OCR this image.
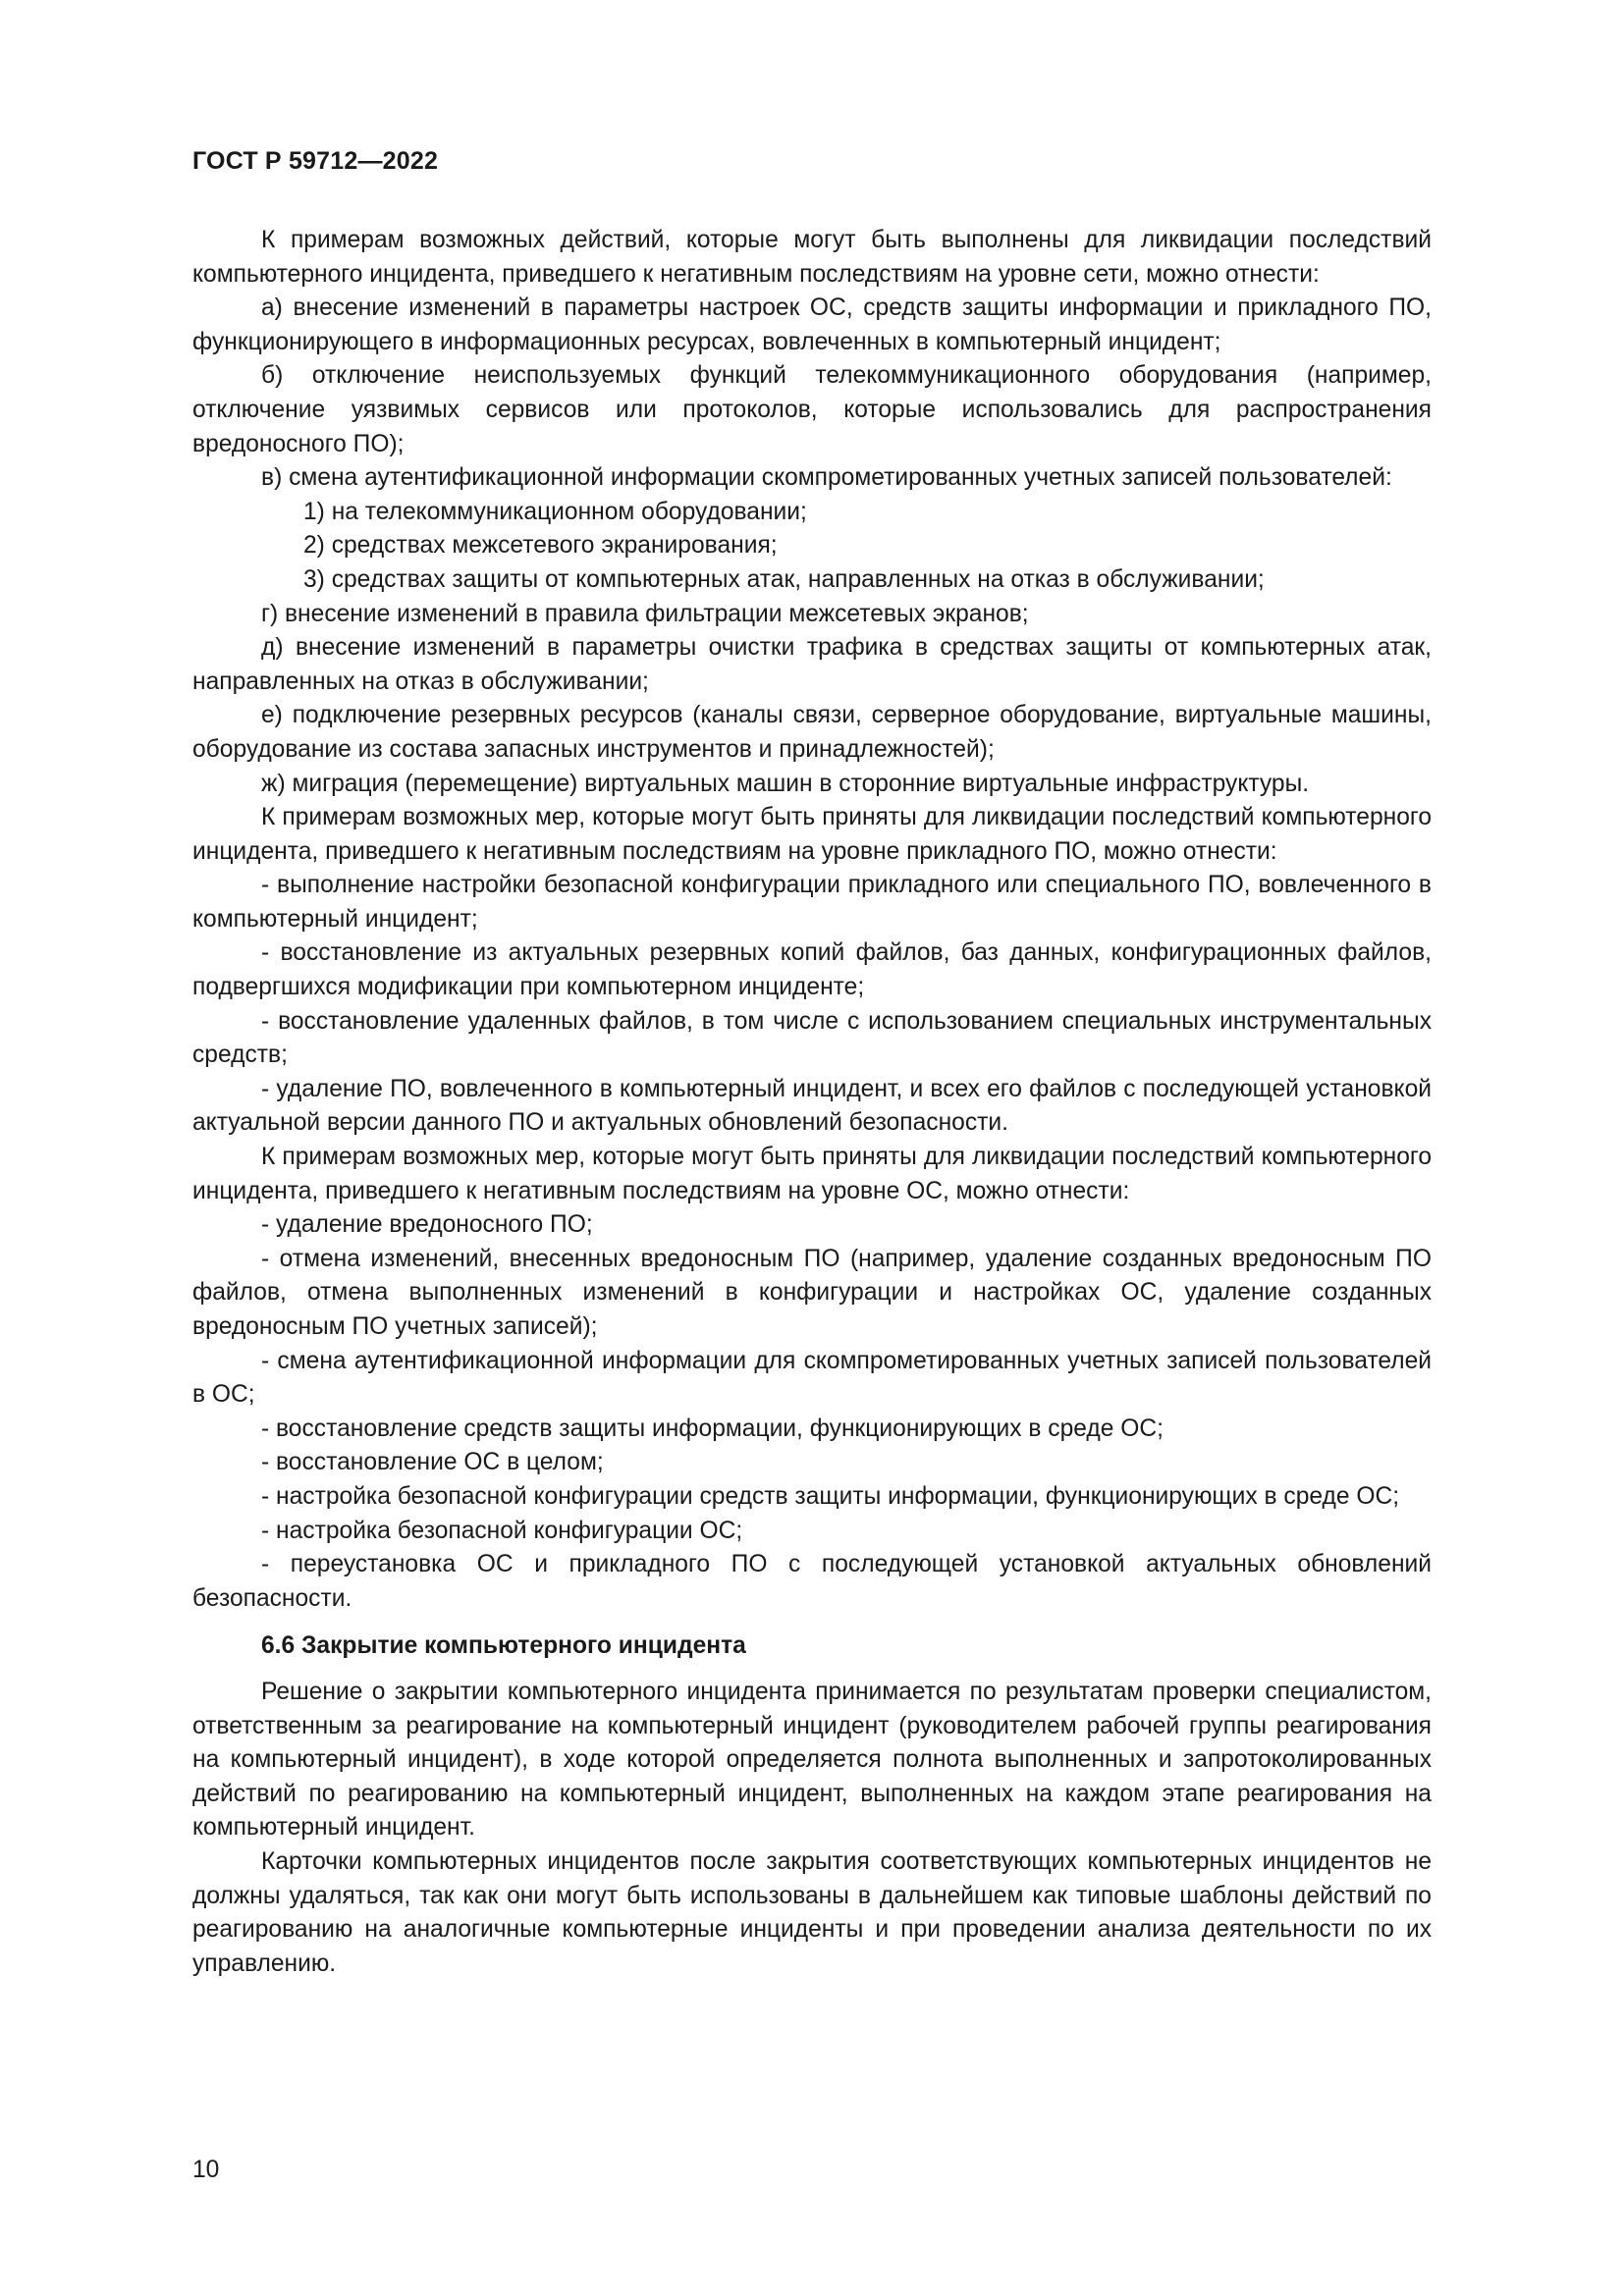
ГОСТ Р 59712—2022

К примерам возможных действий, которые могут быть выполнены для ликвидации последствий компьютерного инцидента, приведшего к негативным последствиям на уровне сети, можно отнести:

а) внесение изменений в параметры настроек ОС, средств защиты информации и прикладного ПО, функционирующего в информационных ресурсах, вовлеченных в компьютерный инцидент;

б) отключение неиспользуемых функций телекоммуникационного оборудования (например, отключение уязвимых сервисов или протоколов, которые использовались для распространения вредоносного ПО);

в) смена аутентификационной информации скомпрометированных учетных записей пользователей:

1) на телекоммуникационном оборудовании;

2) средствах межсетевого экранирования;

3) средствах защиты от компьютерных атак, направленных на отказ в обслуживании;

г) внесение изменений в правила фильтрации межсетевых экранов;

д) внесение изменений в параметры очистки трафика в средствах защиты от компьютерных атак, направленных на отказ в обслуживании;

е) подключение резервных ресурсов (каналы связи, серверное оборудование, виртуальные машины, оборудование из состава запасных инструментов и принадлежностей);

ж) миграция (перемещение) виртуальных машин в сторонние виртуальные инфраструктуры.

К примерам возможных мер, которые могут быть приняты для ликвидации последствий компьютерного инцидента, приведшего к негативным последствиям на уровне прикладного ПО, можно отнести:

- выполнение настройки безопасной конфигурации прикладного или специального ПО, вовлеченного в компьютерный инцидент;

- восстановление из актуальных резервных копий файлов, баз данных, конфигурационных файлов, подвергшихся модификации при компьютерном инциденте;

- восстановление удаленных файлов, в том числе с использованием специальных инструментальных средств;

- удаление ПО, вовлеченного в компьютерный инцидент, и всех его файлов с последующей установкой актуальной версии данного ПО и актуальных обновлений безопасности.

К примерам возможных мер, которые могут быть приняты для ликвидации последствий компьютерного инцидента, приведшего к негативным последствиям на уровне ОС, можно отнести:

- удаление вредоносного ПО;

- отмена изменений, внесенных вредоносным ПО (например, удаление созданных вредоносным ПО файлов, отмена выполненных изменений в конфигурации и настройках ОС, удаление созданных вредоносным ПО учетных записей);

- смена аутентификационной информации для скомпрометированных учетных записей пользователей в ОС;

- восстановление средств защиты информации, функционирующих в среде ОС;

- восстановление ОС в целом;

- настройка безопасной конфигурации средств защиты информации, функционирующих в среде ОС;

- настройка безопасной конфигурации ОС;

- переустановка ОС и прикладного ПО с последующей установкой актуальных обновлений безопасности.

6.6 Закрытие компьютерного инцидента

Решение о закрытии компьютерного инцидента принимается по результатам проверки специалистом, ответственным за реагирование на компьютерный инцидент (руководителем рабочей группы реагирования на компьютерный инцидент), в ходе которой определяется полнота выполненных и запротоколированных действий по реагированию на компьютерный инцидент, выполненных на каждом этапе реагирования на компьютерный инцидент.

Карточки компьютерных инцидентов после закрытия соответствующих компьютерных инцидентов не должны удаляться, так как они могут быть использованы в дальнейшем как типовые шаблоны действий по реагированию на аналогичные компьютерные инциденты и при проведении анализа деятельности по их управлению.

10
